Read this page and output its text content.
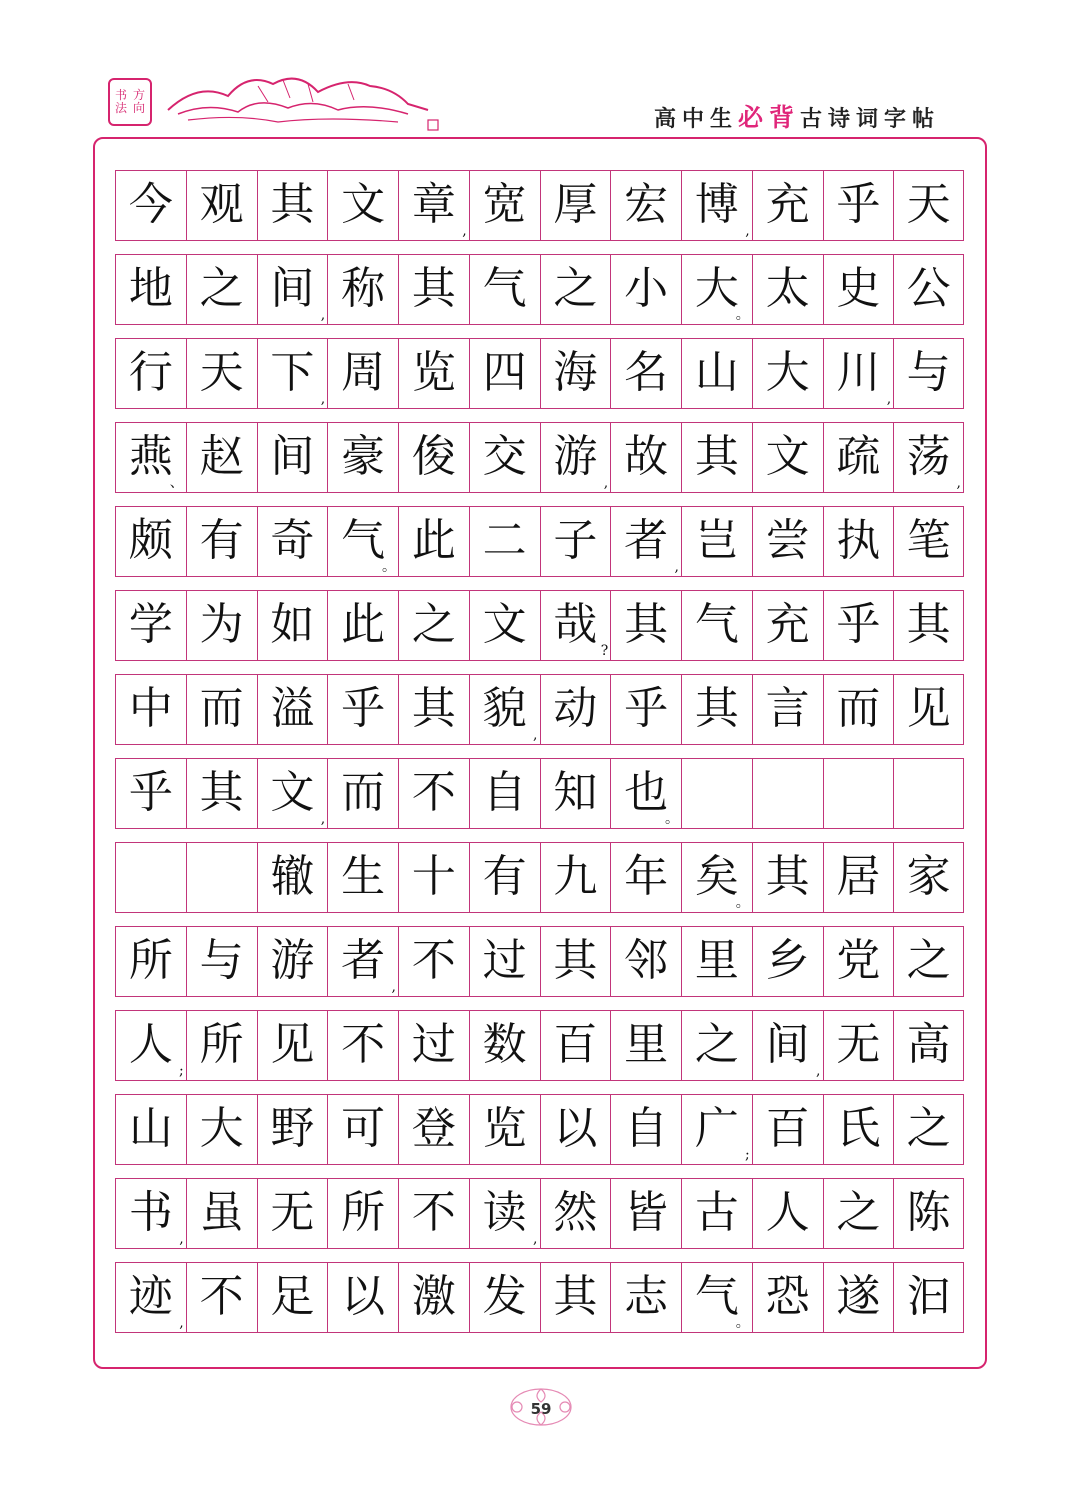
书 方
法 向	高中生必背古诗词字帖
今 观 其 文 章
,
宽 厚 宏 博
,
充 乎 天
地 之 间
,
称 其 气 之 小 大
。
太 史 公
行 天 下
,
周 览 四 海 名 山 大 川
,
与
燕
、
赵 间 豪 俊 交 游
,
故 其 文 疏 荡
,
颇 有 奇 气
。
此 二 子 者
,
岂 尝 执 笔
学 为 如 此 之 文 哉
?
其 气 充 乎 其
中 而 溢 乎 其 貌
,
动 乎 其 言 而 见
乎 其 文
,
而 不 自 知 也
。
辙 生 十 有 九 年 矣
。
其 居 家
所 与 游 者
,
不 过 其 邻 里 乡 党 之
人
;
所 见 不 过 数 百 里 之 间
,
无 高
山 大 野 可 登 览 以 自 广
;
百 氏 之
书
,
虽 无 所 不 读
,
然 皆 古 人 之 陈
迹
,
不 足 以 激 发 其 志 气
。
恐 遂 汩
59
